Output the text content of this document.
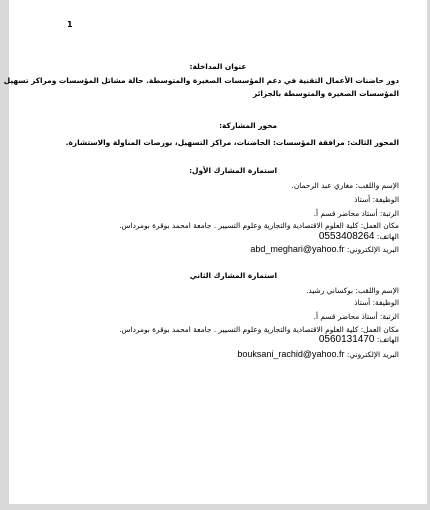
1
عنوان المداخلة:
دور حاضنات الأعمال التقنية في دعم المؤسسات الصغيرة والمتوسطة. حالة مشاتل المؤسسات ومراكز تسهيل
المؤسسات الصغيرة والمتوسطة بالجزائر
محور المشاركة:
المحور الثالث: مرافقة المؤسسات: الحاضنات، مراكز التسهيل، بورصات المناولة والاستشارة.
استمارة المشارك الأول:
الإسم واللقب: مغاري عبد الرحمان.
الوظيفة: أستاذ
الرتبة: أستاذ محاضر قسم أ.
مكان العمل: كلية العلوم الاقتصادية والتجارية وعلوم التسيير . جامعة امحمد بوقرة بومرداس.
الهاتف: 0553408264
البريد الإلكتروني: abd_meghari@yahoo.fr
استمارة المشارك الثاني
الإسم واللقب: بوكساني رشيد.
الوظيفة: أستاذ
الرتبة: أستاذ محاضر قسم أ.
مكان العمل: كلية العلوم الاقتصادية والتجارية وعلوم التسيير . جامعة امحمد بوقرة بومرداس.
الهاتف: 0560131470
البريد الإلكتروني: bouksani_rachid@yahoo.fr
